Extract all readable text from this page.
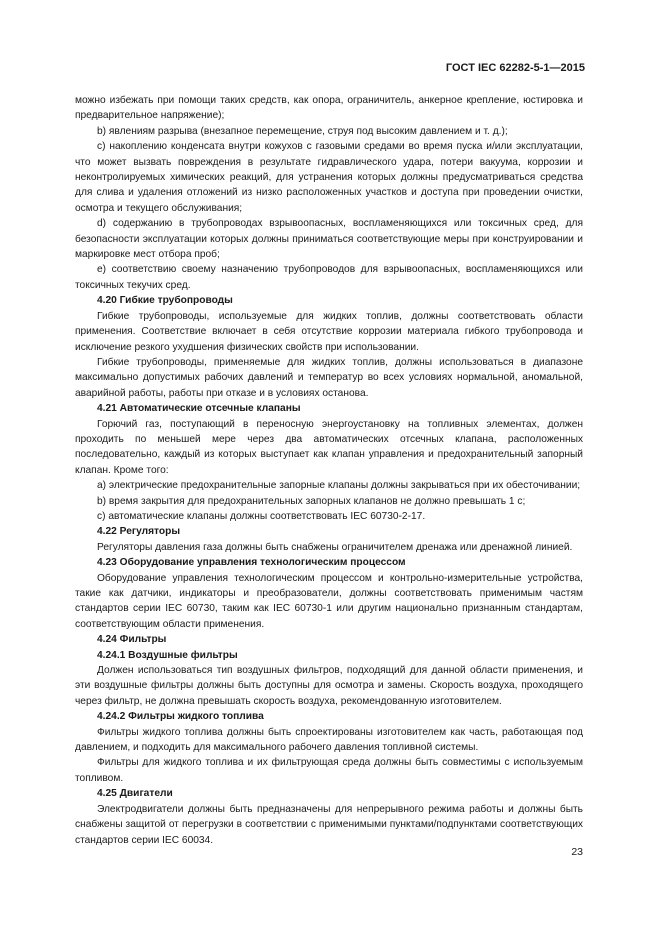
ГОСТ IEC 62282-5-1—2015

можно избежать при помощи таких средств, как опора, ограничитель, анкерное крепление, юстировка и предварительное напряжение);

b) явлениям разрыва (внезапное перемещение, струя под высоким давлением и т. д.);

c) накоплению конденсата внутри кожухов с газовыми средами во время пуска и/или эксплуатации, что может вызвать повреждения в результате гидравлического удара, потери вакуума, коррозии и неконтролируемых химических реакций, для устранения которых должны предусматриваться средства для слива и удаления отложений из низко расположенных участков и доступа при проведении очистки, осмотра и текущего обслуживания;

d) содержанию в трубопроводах взрывоопасных, воспламеняющихся или токсичных сред, для безопасности эксплуатации которых должны приниматься соответствующие меры при конструировании и маркировке мест отбора проб;

e) соответствию своему назначению трубопроводов для взрывоопасных, воспламеняющихся или токсичных текучих сред.

4.20 Гибкие трубопроводы

Гибкие трубопроводы, используемые для жидких топлив, должны соответствовать области применения. Соответствие включает в себя отсутствие коррозии материала гибкого трубопровода и исключение резкого ухудшения физических свойств при использовании.

Гибкие трубопроводы, применяемые для жидких топлив, должны использоваться в диапазоне максимально допустимых рабочих давлений и температур во всех условиях нормальной, аномальной, аварийной работы, работы при отказе и в условиях останова.

4.21 Автоматические отсечные клапаны

Горючий газ, поступающий в переносную энергоустановку на топливных элементах, должен проходить по меньшей мере через два автоматических отсечных клапана, расположенных последовательно, каждый из которых выступает как клапан управления и предохранительный запорный клапан. Кроме того:

a) электрические предохранительные запорные клапаны должны закрываться при их обесточивании;

b) время закрытия для предохранительных запорных клапанов не должно превышать 1 с;

c) автоматические клапаны должны соответствовать IEC 60730-2-17.

4.22 Регуляторы

Регуляторы давления газа должны быть снабжены ограничителем дренажа или дренажной линией.

4.23 Оборудование управления технологическим процессом

Оборудование управления технологическим процессом и контрольно-измерительные устройства, такие как датчики, индикаторы и преобразователи, должны соответствовать применимым частям стандартов серии IEC 60730, таким как IEC 60730-1 или другим национально признанным стандартам, соответствующим области применения.

4.24 Фильтры

4.24.1 Воздушные фильтры

Должен использоваться тип воздушных фильтров, подходящий для данной области применения, и эти воздушные фильтры должны быть доступны для осмотра и замены. Скорость воздуха, проходящего через фильтр, не должна превышать скорость воздуха, рекомендованную изготовителем.

4.24.2 Фильтры жидкого топлива

Фильтры жидкого топлива должны быть спроектированы изготовителем как часть, работающая под давлением, и подходить для максимального рабочего давления топливной системы.

Фильтры для жидкого топлива и их фильтрующая среда должны быть совместимы с используемым топливом.

4.25 Двигатели

Электродвигатели должны быть предназначены для непрерывного режима работы и должны быть снабжены защитой от перегрузки в соответствии с применимыми пунктами/подпунктами соответствующих стандартов серии IEC 60034.

23
